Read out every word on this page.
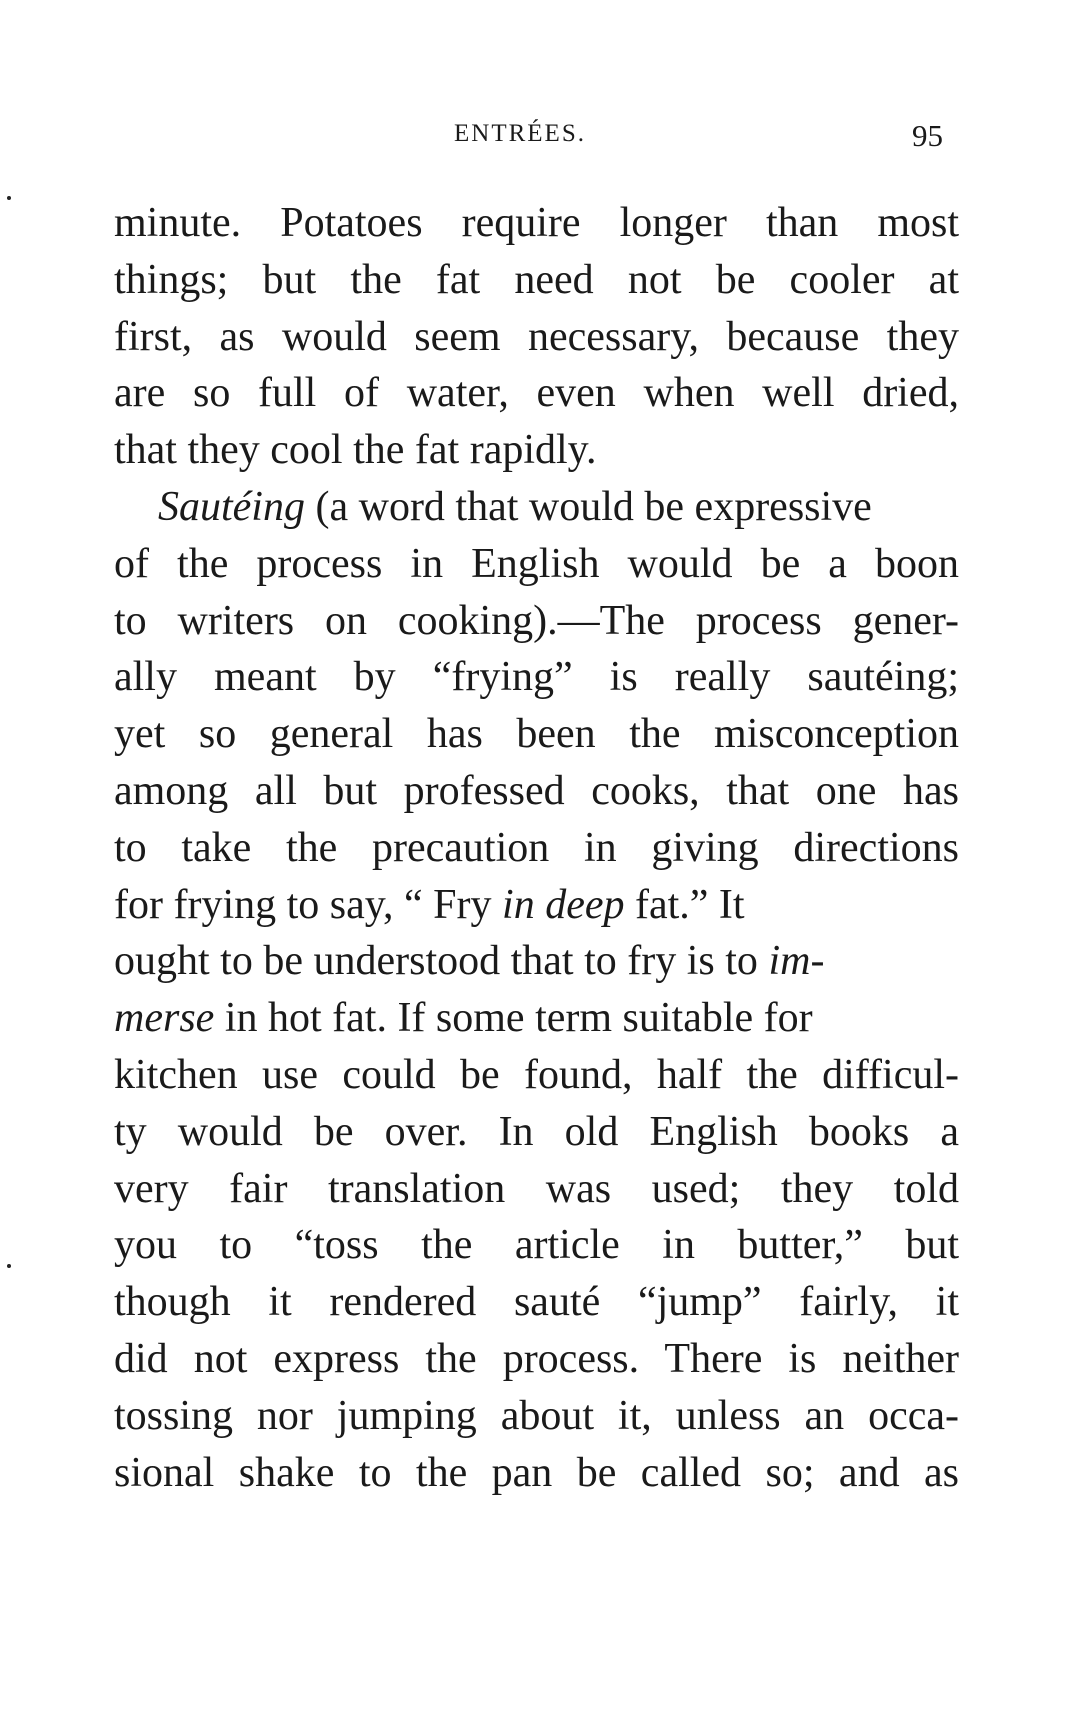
ENTRÉES.	95
minute. Potatoes require longer than most
things; but the fat need not be cooler at
first, as would seem necessary, because they
are so full of water, even when well dried,
that they cool the fat rapidly.
Sautéing (a word that would be expressive
of the process in English would be a boon
to writers on cooking).—The process gener-
ally meant by “frying” is really sautéing;
yet so general has been the misconception
among all but professed cooks, that one has
to take the precaution in giving directions
for frying to say, “ Fry in deep fat.” It
ought to be understood that to fry is to im-
merse in hot fat. If some term suitable for
kitchen use could be found, half the difficul-
ty would be over. In old English books a
very fair translation was used; they told
you to “toss the article in butter,” but
though it rendered sauté “jump” fairly, it
did not express the process. There is neither
tossing nor jumping about it, unless an occa-
sional shake to the pan be called so; and as
